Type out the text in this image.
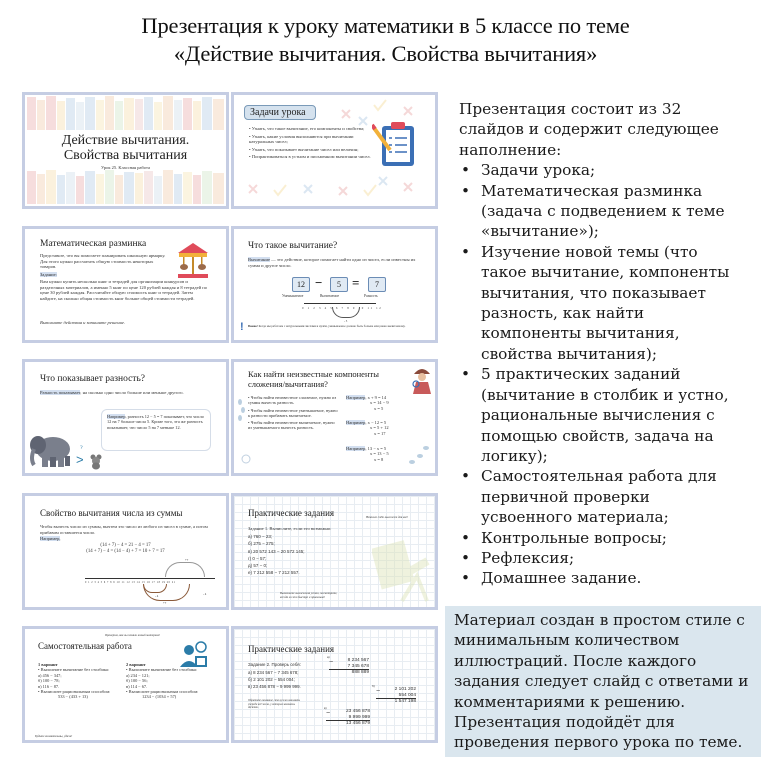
Презентация к уроку математики в 5 классе по теме
«Действие вычитания. Свойства вычитания»
Действие вычитания.
Свойства вычитания
Урок 25. Классная работа
Задачи урока
• Узнать, что такое вычитание, его компоненты и свойства;
• Узнать, какие условия выполняются при вычитании натуральных чисел;
• Узнать, что показывает вычитание чисел или величин;
• Попрактиковаться в устном и письменном вычитании чисел.
Математическая разминка
Представьте, что вы помогаете планировать школьную ярмарку. Для этого нужно рассчитать общую стоимость некоторых товаров.
Задание:
Вам нужно купить несколько книг и тетрадей для организации конкурсов и раздаточных материалов, а именно 5 книг по цене 120 рублей каждая и 8 тетрадей по цене 30 рублей каждая. Рассчитайте общую стоимость книг и тетрадей. Затем найдите, на сколько общая стоимость книг больше общей стоимости тетрадей.
Выполните действия и запишите решение.
Что такое вычитание?
Вычитание — это действие, которое помогает найти одно из чисел, если известны их сумма и другое число.
12 −	5 =	7
Уменьшаемое	Вычитаемое	Разность
0 1 2 3 4 5 6 7 8 9 10 11 12
- 5
! Важно! Когда мы работаем с натуральными числами и нулём, уменьшаемое должно быть больше или равно вычитаемому.
Что показывает разность?
Разность показывает, на сколько одно число больше или меньше другого.
Например, разность 12 − 5 = 7 показывает, что число 12 на 7 больше числа 5. Кроме того, эта же разность показывает, что число 5 на 7 меньше 12.
>
?
Как найти неизвестные компоненты
сложения/вычитания?
• Чтобы найти неизвестное слагаемое, нужно из суммы вычесть разность.
• Чтобы найти неизвестное уменьшаемое, нужно к разности прибавить вычитаемое.
• Чтобы найти неизвестное вычитаемое, нужно из уменьшаемого вычесть разность.
Например, x + 9 = 14
x = 14 − 9
x = 5
Например, x − 12 = 5
x = 5 + 12
x = 17
Например, 13 − x = 5
x = 13 − 5
x = 8
Свойство вычитания числа из суммы
Чтобы вычесть число из суммы, вычтем это число из любого из чисел в сумме, а потом прибавим оставшееся число.
Например,
(14 + 7) − 4 = 21 − 4 = 17
(14 + 7) − 4 = (14 − 4) + 7 = 10 + 7 = 17
0 1 2 3 4 5 6 7 8 9 10 11 12 13 14 15 16 17 18 19 20 21
+7
- 4	- 4
+7
Практические задания	Немного счёт выложит для вас!
Задание 1. Вычислите, если это возможно:
а) 760 − 23;
б) 275 − 275;
в) 20 572 143 − 20 572 145;
г) 0 − 57;
д) 57 − 0;
е) 7 212 558 − 7 212 557.
Выполните вычисления устно, посмотрите, всегда ли это быстро и правильно!
Проверим, как вы поняли новый материал!
Самостоятельная работа
1 вариант
• Выполните вычитание без столбика:
а) 456 − 347;
б) 100 − 78;
в) 116 − 87.
• Вычислите рациональным способом:
533 − (433 + 13)
2 вариант
• Выполните вычитание без столбика:
а) 234 − 121;
б) 100 − 56;
в) 114 − 67.
• Вычислите рациональным способом:
1234 − (1034 + 57)
Будьте внимательны, удачи!
Практические задания
Задание 2. Проверь себя:
а) 8 234 567 − 7 345 678;
б) 2 101 202 − 554 004;
в) 23 456 878 − 9 999 999.
Обратите внимание, что нужно занимать спереди всё числа, у которых заменены десятки.
а)
8 234 567
7 345 678
888 889
−
б)
2 101 202
554 004
1 547 198
−
в)
23 456 878
9 999 999
13 456 879
−
Презентация состоит из 32
слайдов и содержит следующее
наполнение:
• Задачи урока;
• Математическая разминка
(задача с подведением к теме
«вычитание»);
• Изучение новой темы (что
такое вычитание, компоненты
вычитания, что показывает
разность, как найти
компоненты вычитания,
свойства вычитания);
• 5 практических заданий
(вычитание в столбик и устно,
рациональные вычисления с
помощью свойств, задача на
логику);
• Самостоятельная работа для
первичной проверки
усвоенного материала;
• Контрольные вопросы;
• Рефлексия;
• Домашнее задание.
Материал создан в простом стиле с
минимальным количеством
иллюстраций. После каждого
задания следует слайд с ответами и
комментариями к решению.
Презентация подойдёт для
проведения первого урока по теме.
